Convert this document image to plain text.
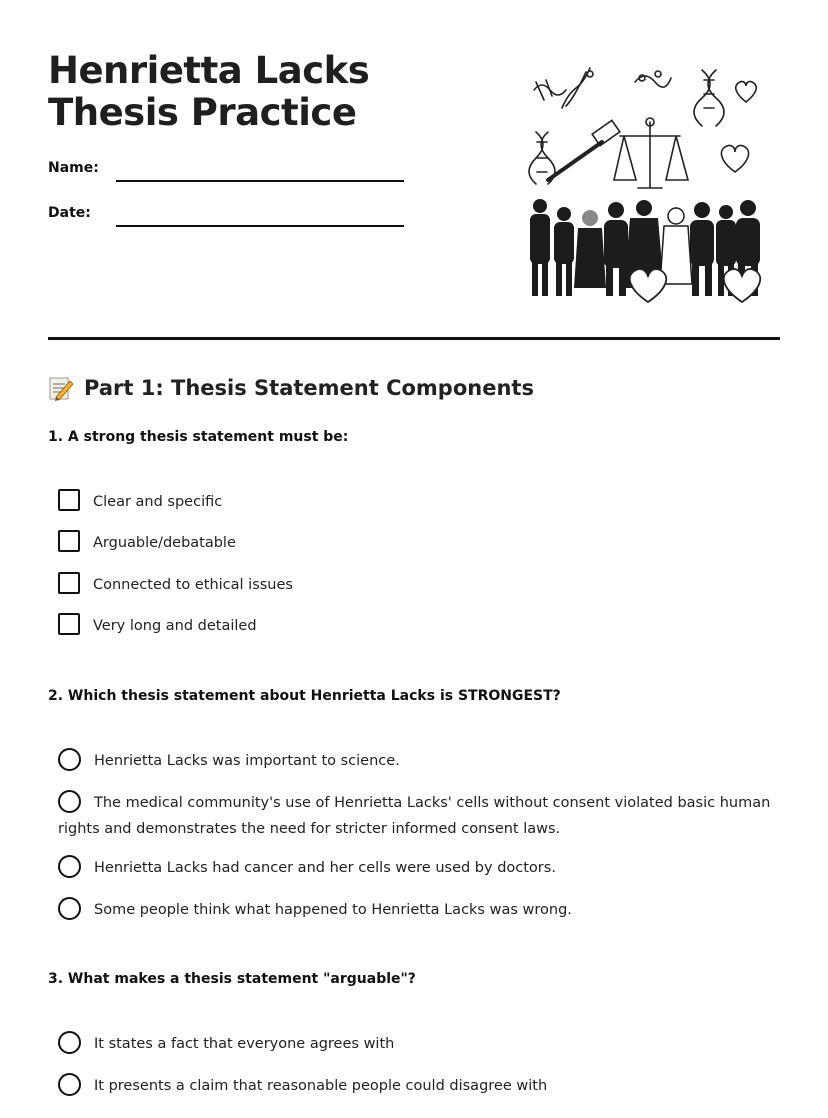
Henrietta Lacks Thesis Practice
Name:
Date:
Part 1: Thesis Statement Components
1. A strong thesis statement must be:
Clear and specific
Arguable/debatable
Connected to ethical issues
Very long and detailed
2. Which thesis statement about Henrietta Lacks is STRONGEST?
Henrietta Lacks was important to science.
The medical community's use of Henrietta Lacks' cells without consent violated basic human rights and demonstrates the need for stricter informed consent laws.
Henrietta Lacks had cancer and her cells were used by doctors.
Some people think what happened to Henrietta Lacks was wrong.
3. What makes a thesis statement "arguable"?
It states a fact that everyone agrees with
It presents a claim that reasonable people could disagree with
